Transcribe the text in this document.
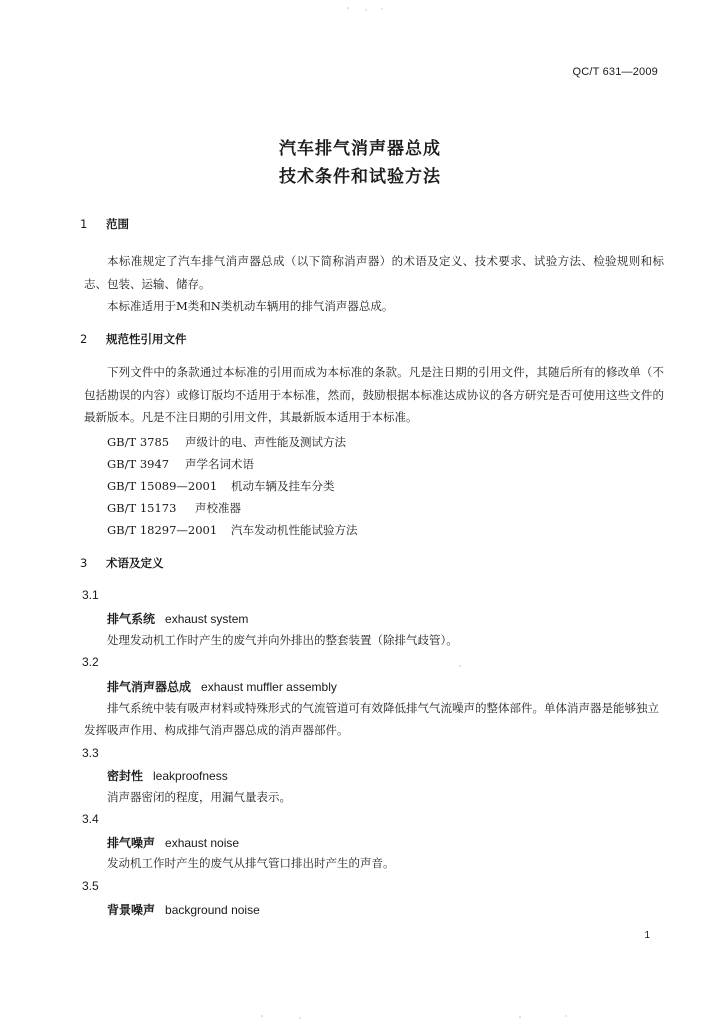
QC/T 631—2009
汽车排气消声器总成
技术条件和试验方法
1 范围
本标准规定了汽车排气消声器总成（以下简称消声器）的术语及定义、技术要求、试验方法、检验规则和标志、包装、运输、储存。
本标准适用于M类和N类机动车辆用的排气消声器总成。
2 规范性引用文件
下列文件中的条款通过本标准的引用而成为本标准的条款。凡是注日期的引用文件，其随后所有的修改单（不包括勘误的内容）或修订版均不适用于本标准，然而，鼓励根据本标准达成协议的各方研究是否可使用这些文件的最新版本。凡是不注日期的引用文件，其最新版本适用于本标准。
GB/T 3785 声级计的电、声性能及测试方法
GB/T 3947 声学名词术语
GB/T 15089—2001 机动车辆及挂车分类
GB/T 15173 声校准器
GB/T 18297—2001 汽车发动机性能试验方法
3 术语及定义
3.1
排气系统 exhaust system
处理发动机工作时产生的废气并向外排出的整套装置（除排气歧管）。
3.2
排气消声器总成 exhaust muffler assembly
排气系统中装有吸声材料或特殊形式的气流管道可有效降低排气气流噪声的整体部件。单体消声器是能够独立发挥吸声作用、构成排气消声器总成的消声器部件。
3.3
密封性 leakproofness
消声器密闭的程度，用漏气量表示。
3.4
排气噪声 exhaust noise
发动机工作时产生的废气从排气管口排出时产生的声音。
3.5
背景噪声 background noise
1
